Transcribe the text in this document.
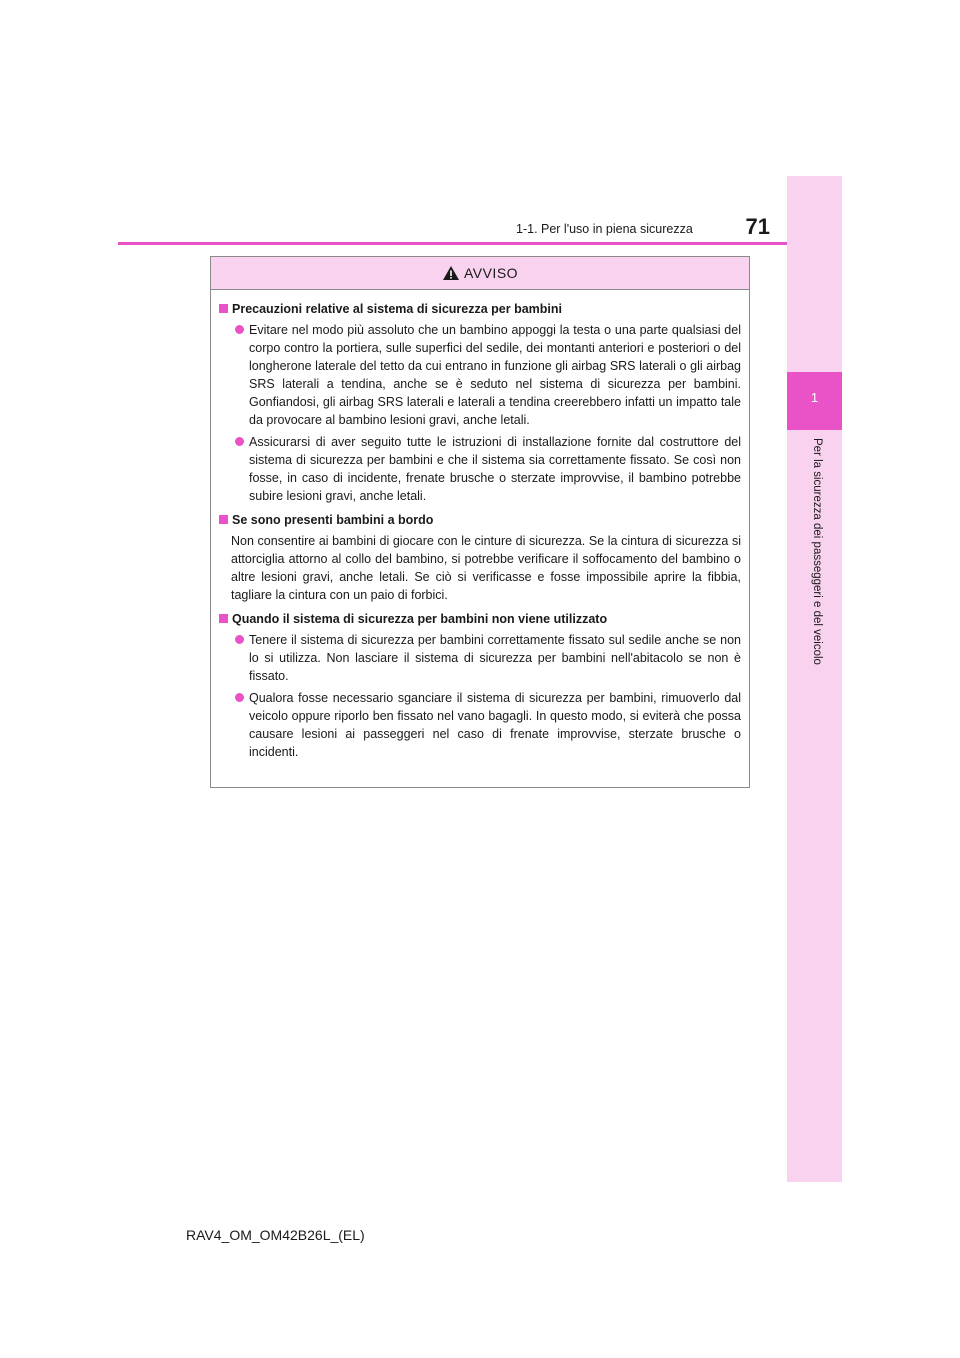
1
Per la sicurezza dei passeggeri e del veicolo
1-1. Per l'uso in piena sicurezza	71
AVVISO
Precauzioni relative al sistema di sicurezza per bambini
Evitare nel modo più assoluto che un bambino appoggi la testa o una parte qualsiasi del corpo contro la portiera, sulle superfici del sedile, dei montanti anteriori e posteriori o del longherone laterale del tetto da cui entrano in funzione gli airbag SRS laterali o gli airbag SRS laterali a tendina, anche se è seduto nel sistema di sicurezza per bambini. Gonfiandosi, gli airbag SRS laterali e laterali a tendina creerebbero infatti un impatto tale da provocare al bambino lesioni gravi, anche letali.
Assicurarsi di aver seguito tutte le istruzioni di installazione fornite dal costruttore del sistema di sicurezza per bambini e che il sistema sia correttamente fissato. Se così non fosse, in caso di incidente, frenate brusche o sterzate improvvise, il bambino potrebbe subire lesioni gravi, anche letali.
Se sono presenti bambini a bordo
Non consentire ai bambini di giocare con le cinture di sicurezza. Se la cintura di sicurezza si attorciglia attorno al collo del bambino, si potrebbe verificare il soffocamento del bambino o altre lesioni gravi, anche letali. Se ciò si verificasse e fosse impossibile aprire la fibbia, tagliare la cintura con un paio di forbici.
Quando il sistema di sicurezza per bambini non viene utilizzato
Tenere il sistema di sicurezza per bambini correttamente fissato sul sedile anche se non lo si utilizza. Non lasciare il sistema di sicurezza per bambini nell'abitacolo se non è fissato.
Qualora fosse necessario sganciare il sistema di sicurezza per bambini, rimuoverlo dal veicolo oppure riporlo ben fissato nel vano bagagli. In questo modo, si eviterà che possa causare lesioni ai passeggeri nel caso di frenate improvvise, sterzate brusche o incidenti.
RAV4_OM_OM42B26L_(EL)
